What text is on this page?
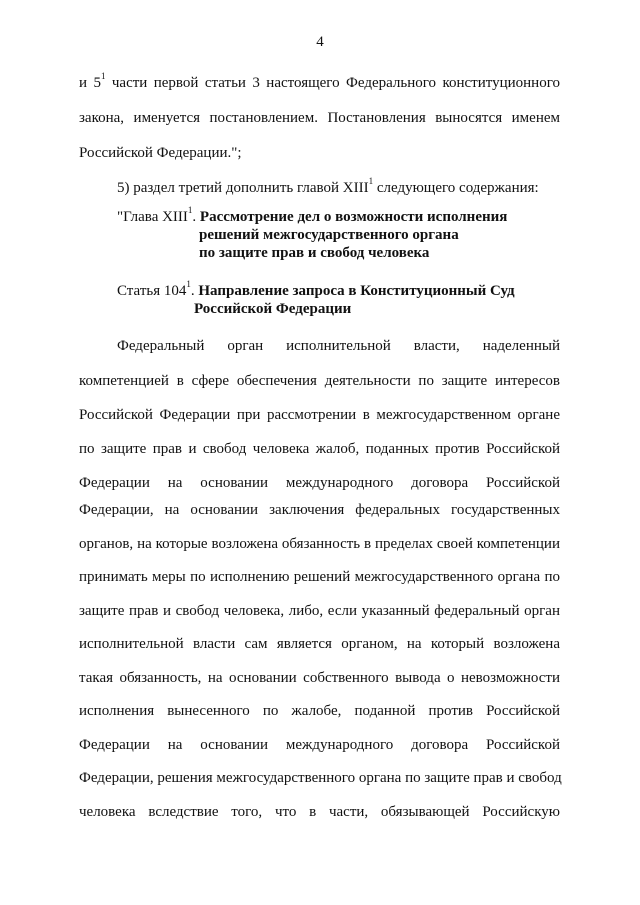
4
и $5^1$ части первой статьи 3 настоящего Федерального конституционного
закона, именуется постановлением. Постановления выносятся именем
Российской Федерации.";
5) раздел третий дополнить главой XIII$^1$ следующего содержания:
"Глава XIII$^1$. Рассмотрение дел о возможности исполнения
решений межгосударственного органа
по защите прав и свобод человека
Статья $104^1$. Направление запроса в Конституционный Суд
Российской Федерации
Федеральный орган исполнительной власти, наделенный
компетенцией в сфере обеспечения деятельности по защите интересов
Российской Федерации при рассмотрении в межгосударственном органе
по защите прав и свобод человека жалоб, поданных против Российской
Федерации на основании международного договора Российской
Федерации, на основании заключения федеральных государственных
органов, на которые возложена обязанность в пределах своей компетенции
принимать меры по исполнению решений межгосударственного органа по
защите прав и свобод человека, либо, если указанный федеральный орган
исполнительной власти сам является органом, на который возложена
такая обязанность, на основании собственного вывода о невозможности
исполнения вынесенного по жалобе, поданной против Российской
Федерации на основании международного договора Российской
Федерации, решения межгосударственного органа по защите прав и свобод
человека вследствие того, что в части, обязывающей Российскую
